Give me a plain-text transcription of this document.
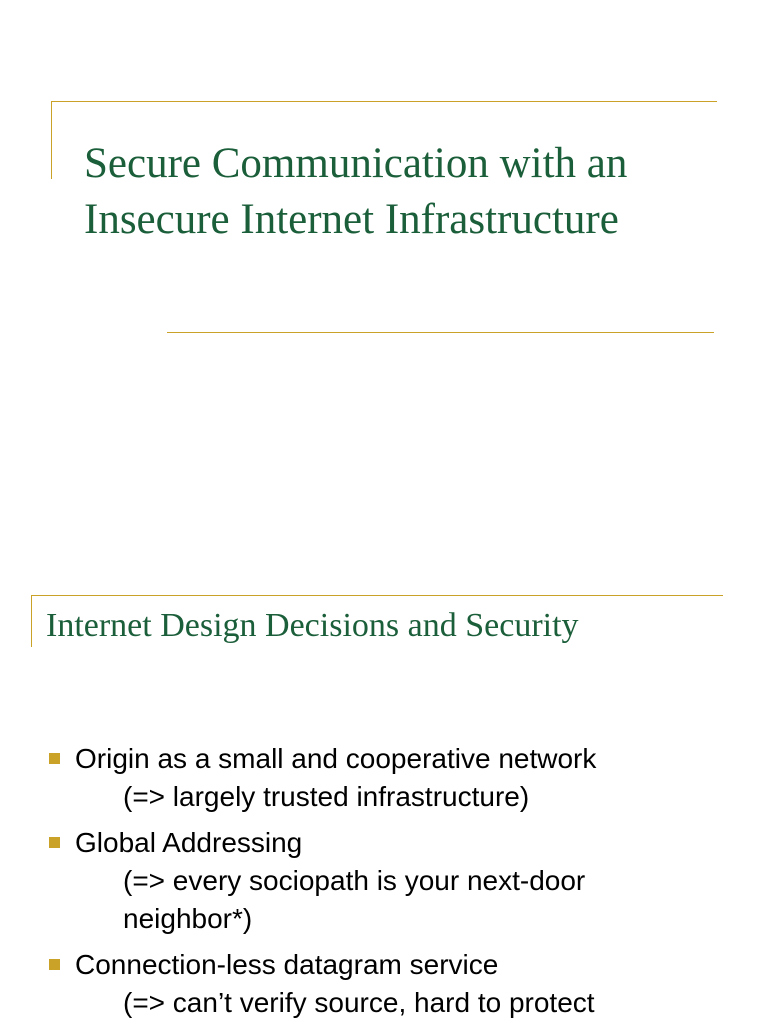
Secure Communication with an
Insecure Internet Infrastructure
Internet Design Decisions and Security
Origin as a small and cooperative network
(=> largely trusted infrastructure)
Global Addressing
(=> every sociopath is your next-door
neighbor*)
Connection-less datagram service
(=> can’t verify source, hard to protect
